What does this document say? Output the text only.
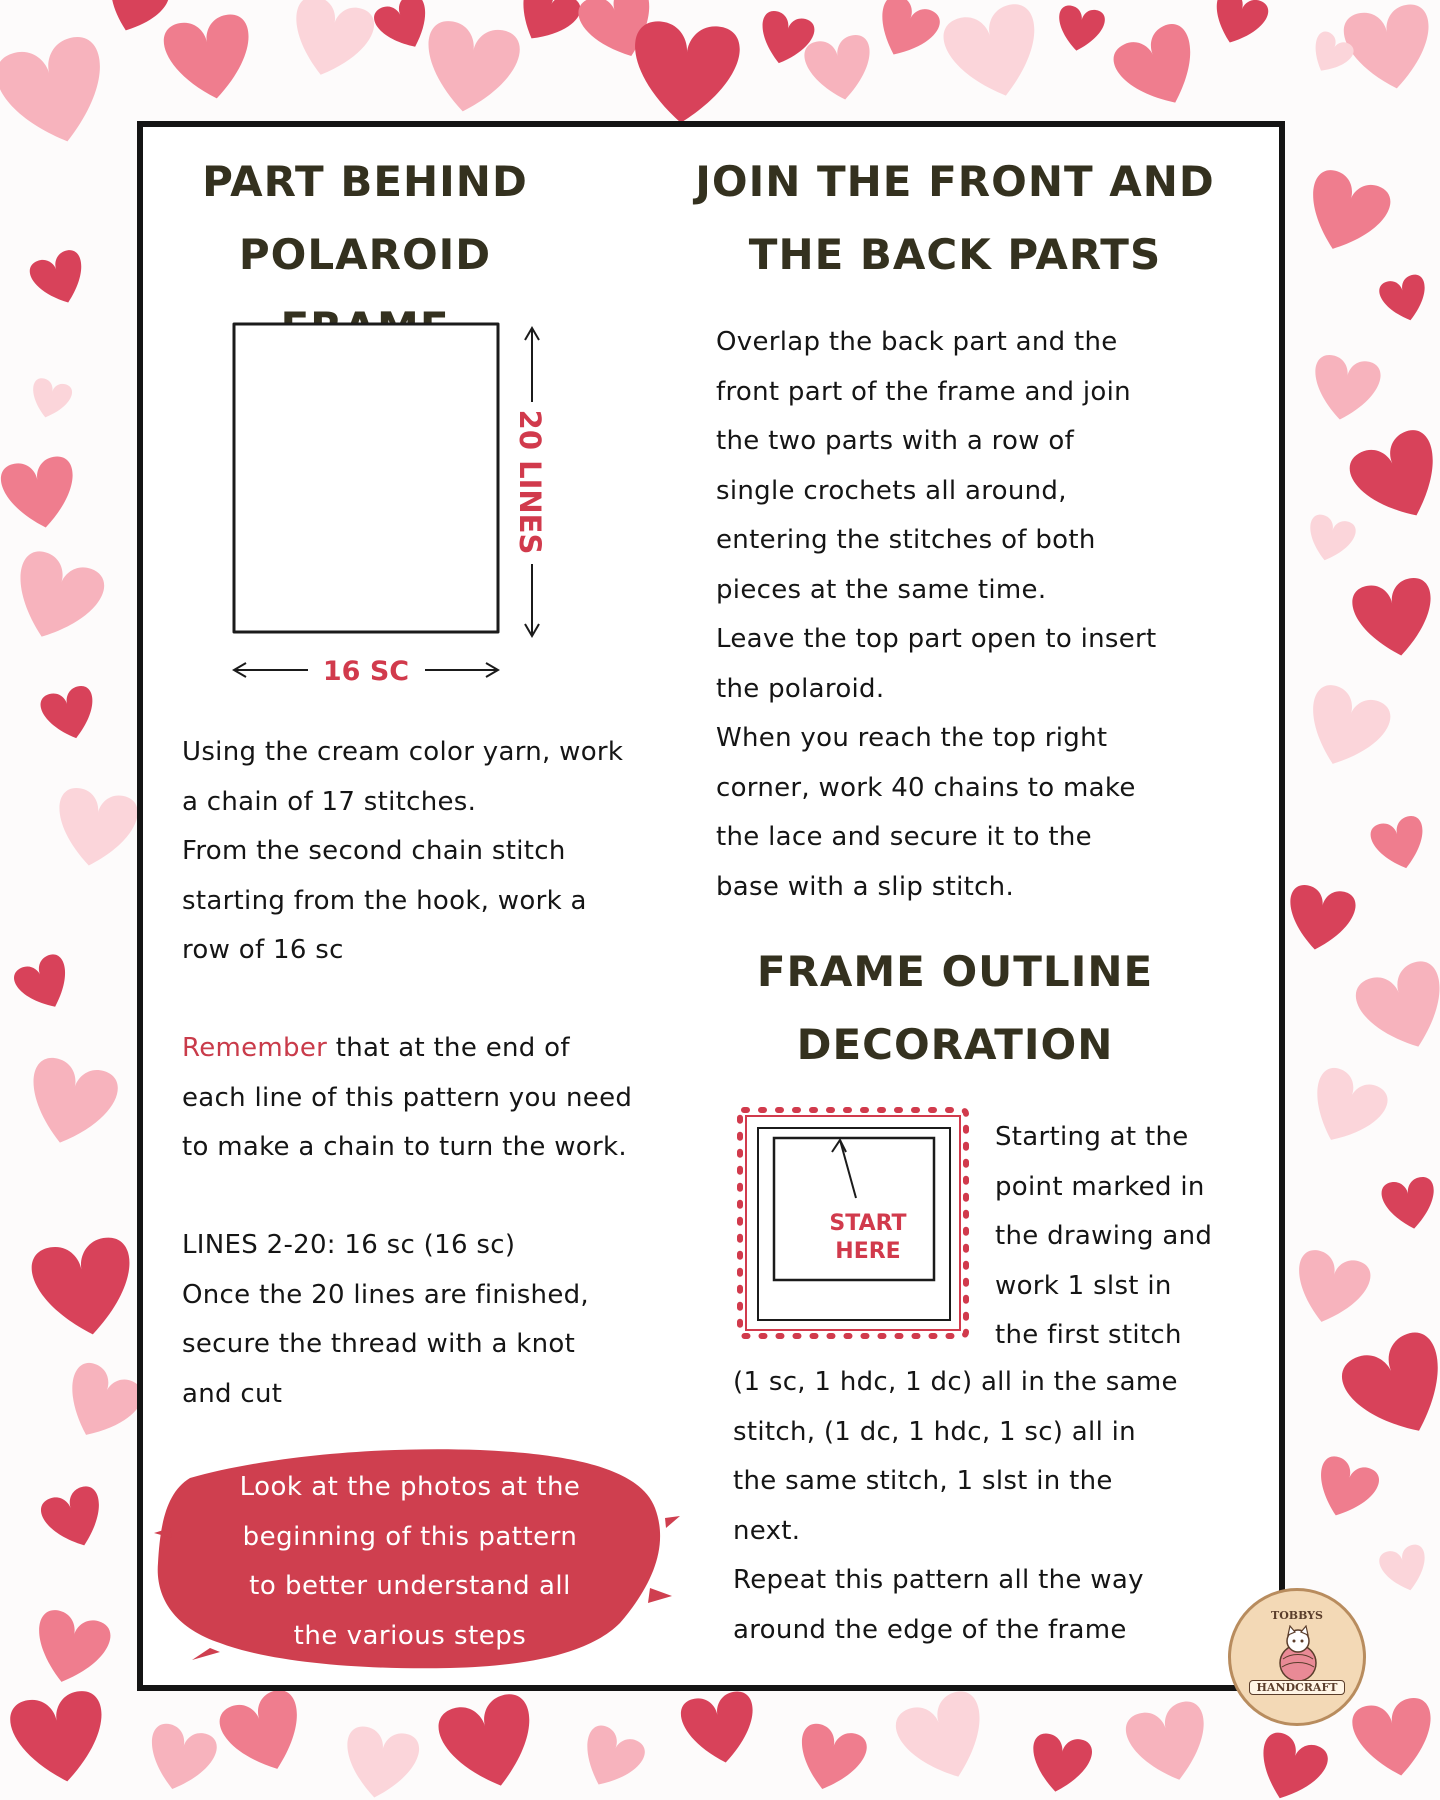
PART BEHIND
POLAROID
20 LINES
16 SC
Using the cream color yarn, work
a chain of 17 stitches.
From the second chain stitch
starting from the hook, work a
row of 16 sc
Remember that at the end of
each line of this pattern you need
to make a chain to turn the work.
LINES 2-20: 16 sc (16 sc)
Once the 20 lines are finished,
secure the thread with a knot
and cut
Look at the photos at the
beginning of this pattern
to better understand all
the various steps
JOIN THE FRONT AND
THE BACK PARTS
Overlap the back part and the
front part of the frame and join
the two parts with a row of
single crochets all around,
entering the stitches of both
pieces at the same time.
Leave the top part open to insert
the polaroid.
When you reach the top right
corner, work 40 chains to make
the lace and secure it to the
base with a slip stitch.
FRAME OUTLINE
DECORATION
START
HERE
Starting at the
point marked in
the drawing and
work 1 slst in
the first stitch
(1 sc, 1 hdc, 1 dc) all in the same
stitch, (1 dc, 1 hdc, 1 sc) all in
the same stitch, 1 slst in the
next.
Repeat this pattern all the way
around the edge of the frame	TOBBYS
HANDCRAFT
